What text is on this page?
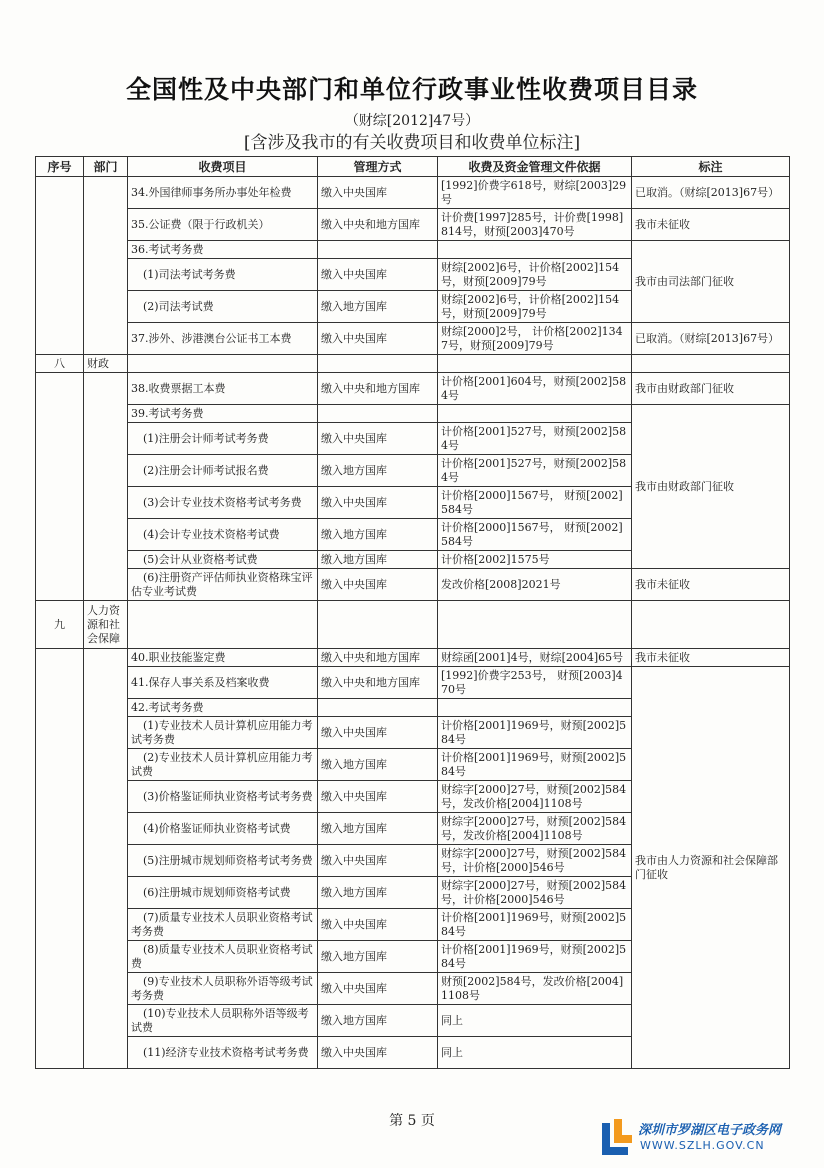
全国性及中央部门和单位行政事业性收费项目目录
（财综[2012]47号）
[含涉及我市的有关收费项目和收费单位标注]
序号	部门	收费项目	管理方式	收费及资金管理文件依据	标注
		34.外国律师事务所办事处年检费	缴入中央国库	[1992]价费字618号，财综[2003]29号	已取消。（财综[2013]67号）
		35.公证费（限于行政机关）	缴入中央和地方国库	计价费[1997]285号，计价费[1998]814号，财预[2003]470号	我市未征收
		36.考试考务费			我市由司法部门征收
		(1)司法考试考务费	缴入中央国库	财综[2002]6号，计价格[2002]154号，财预[2009]79号	
		(2)司法考试费	缴入地方国库	财综[2002]6号，计价格[2002]154号，财预[2009]79号	
		37.涉外、涉港澳台公证书工本费	缴入中央国库	财综[2000]2号， 计价格[2002]1347号，财预[2009]79号	已取消。（财综[2013]67号）
八	财政				
		38.收费票据工本费	缴入中央和地方国库	计价格[2001]604号，财预[2002]584号	我市由财政部门征收
		39.考试考务费			我市由财政部门征收
		(1)注册会计师考试考务费	缴入中央国库	计价格[2001]527号，财预[2002]584号	
		(2)注册会计师考试报名费	缴入地方国库	计价格[2001]527号，财预[2002]584号	
		(3)会计专业技术资格考试考务费	缴入中央国库	计价格[2000]1567号， 财预[2002]584号	
		(4)会计专业技术资格考试费	缴入地方国库	计价格[2000]1567号， 财预[2002]584号	
		(5)会计从业资格考试费	缴入地方国库	计价格[2002]1575号	
		(6)注册资产评估师执业资格珠宝评估专业考试费	缴入中央国库	发改价格[2008]2021号	我市未征收

九	人力资源和社会保障				
		40.职业技能鉴定费	缴入中央和地方国库	财综函[2001]4号，财综[2004]65号	我市未征收
		41.保存人事关系及档案收费	缴入中央和地方国库	[1992]价费字253号， 财预[2003]470号	我市由人力资源和社会保障部门征收
		42.考试考务费			
		(1)专业技术人员计算机应用能力考试考务费	缴入中央国库	计价格[2001]1969号，财预[2002]584号	
		(2)专业技术人员计算机应用能力考试费	缴入地方国库	计价格[2001]1969号，财预[2002]584号	
		(3)价格鉴证师执业资格考试考务费	缴入中央国库	财综字[2000]27号，财预[2002]584号，发改价格[2004]1108号	
		(4)价格鉴证师执业资格考试费	缴入地方国库	财综字[2000]27号，财预[2002]584号，发改价格[2004]1108号	
		(5)注册城市规划师资格考试考务费	缴入中央国库	财综字[2000]27号，财预[2002]584号，计价格[2000]546号	
		(6)注册城市规划师资格考试费	缴入地方国库	财综字[2000]27号，财预[2002]584号，计价格[2000]546号	
		(7)质量专业技术人员职业资格考试考务费	缴入中央国库	计价格[2001]1969号，财预[2002]584号	
		(8)质量专业技术人员职业资格考试费	缴入地方国库	计价格[2001]1969号，财预[2002]584号	
		(9)专业技术人员职称外语等级考试考务费	缴入中央国库	财预[2002]584号，发改价格[2004]1108号	
		(10)专业技术人员职称外语等级考试费	缴入地方国库	同上	
		(11)经济专业技术资格考试考务费	缴入中央国库	同上	
第 5 页
深圳市罗湖区电子政务网
WWW.SZLH.GOV.CN
